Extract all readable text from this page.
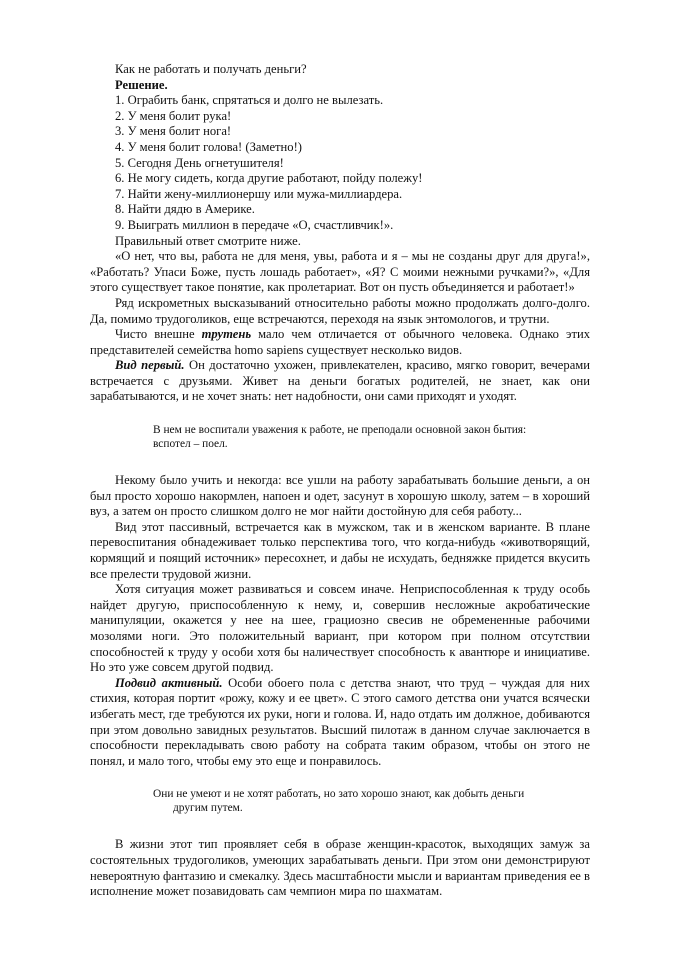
Как не работать и получать деньги?
Решение.
1. Ограбить банк, спрятаться и долго не вылезать.
2. У меня болит рука!
3. У меня болит нога!
4. У меня болит голова! (Заметно!)
5. Сегодня День огнетушителя!
6. Не могу сидеть, когда другие работают, пойду полежу!
7. Найти жену-миллионершу или мужа-миллиардера.
8. Найти дядю в Америке.
9. Выиграть миллион в передаче «О, счастливчик!».
Правильный ответ смотрите ниже.

«О нет, что вы, работа не для меня, увы, работа и я – мы не созданы друг для друга!», «Работать? Упаси Боже, пусть лошадь работает», «Я? С моими нежными ручками?», «Для этого существует такое понятие, как пролетариат. Вот он пусть объединяется и работает!»

Ряд искрометных высказываний относительно работы можно продолжать долго-долго. Да, помимо трудоголиков, еще встречаются, переходя на язык энтомологов, и трутни.

Чисто внешне трутень мало чем отличается от обычного человека. Однако этих представителей семейства homo sapiens существует несколько видов.

Вид первый. Он достаточно ухожен, привлекателен, красиво, мягко говорит, вечерами встречается с друзьями. Живет на деньги богатых родителей, не знает, как они зарабатываются, и не хочет знать: нет надобности, они сами приходят и уходят.

В нем не воспитали уважения к работе, не преподали основной закон бытия:
вспотел – поел.

Некому было учить и некогда: все ушли на работу зарабатывать большие деньги, а он был просто хорошо накормлен, напоен и одет, засунут в хорошую школу, затем – в хороший вуз, а затем он просто слишком долго не мог найти достойную для себя работу...

Вид этот пассивный, встречается как в мужском, так и в женском варианте. В плане перевоспитания обнадеживает только перспектива того, что когда-нибудь «животворящий, кормящий и поящий источник» пересохнет, и дабы не исхудать, бедняжке придется вкусить все прелести трудовой жизни.

Хотя ситуация может развиваться и совсем иначе. Неприспособленная к труду особь найдет другую, приспособленную к нему, и, совершив несложные акробатические манипуляции, окажется у нее на шее, грациозно свесив не обремененные рабочими мозолями ноги. Это положительный вариант, при котором при полном отсутствии способностей к труду у особи хотя бы наличествует способность к авантюре и инициативе. Но это уже совсем другой подвид.

Подвид активный. Особи обоего пола с детства знают, что труд – чуждая для них стихия, которая портит «рожу, кожу и ее цвет». С этого самого детства они учатся всячески избегать мест, где требуются их руки, ноги и голова. И, надо отдать им должное, добиваются при этом довольно завидных результатов. Высший пилотаж в данном случае заключается в способности перекладывать свою работу на собрата таким образом, чтобы он этого не понял, и мало того, чтобы ему это еще и понравилось.

Они не умеют и не хотят работать, но зато хорошо знают, как добыть деньги
другим путем.

В жизни этот тип проявляет себя в образе женщин-красоток, выходящих замуж за состоятельных трудоголиков, умеющих зарабатывать деньги. При этом они демонстрируют невероятную фантазию и смекалку. Здесь масштабности мысли и вариантам приведения ее в исполнение может позавидовать сам чемпион мира по шахматам.
